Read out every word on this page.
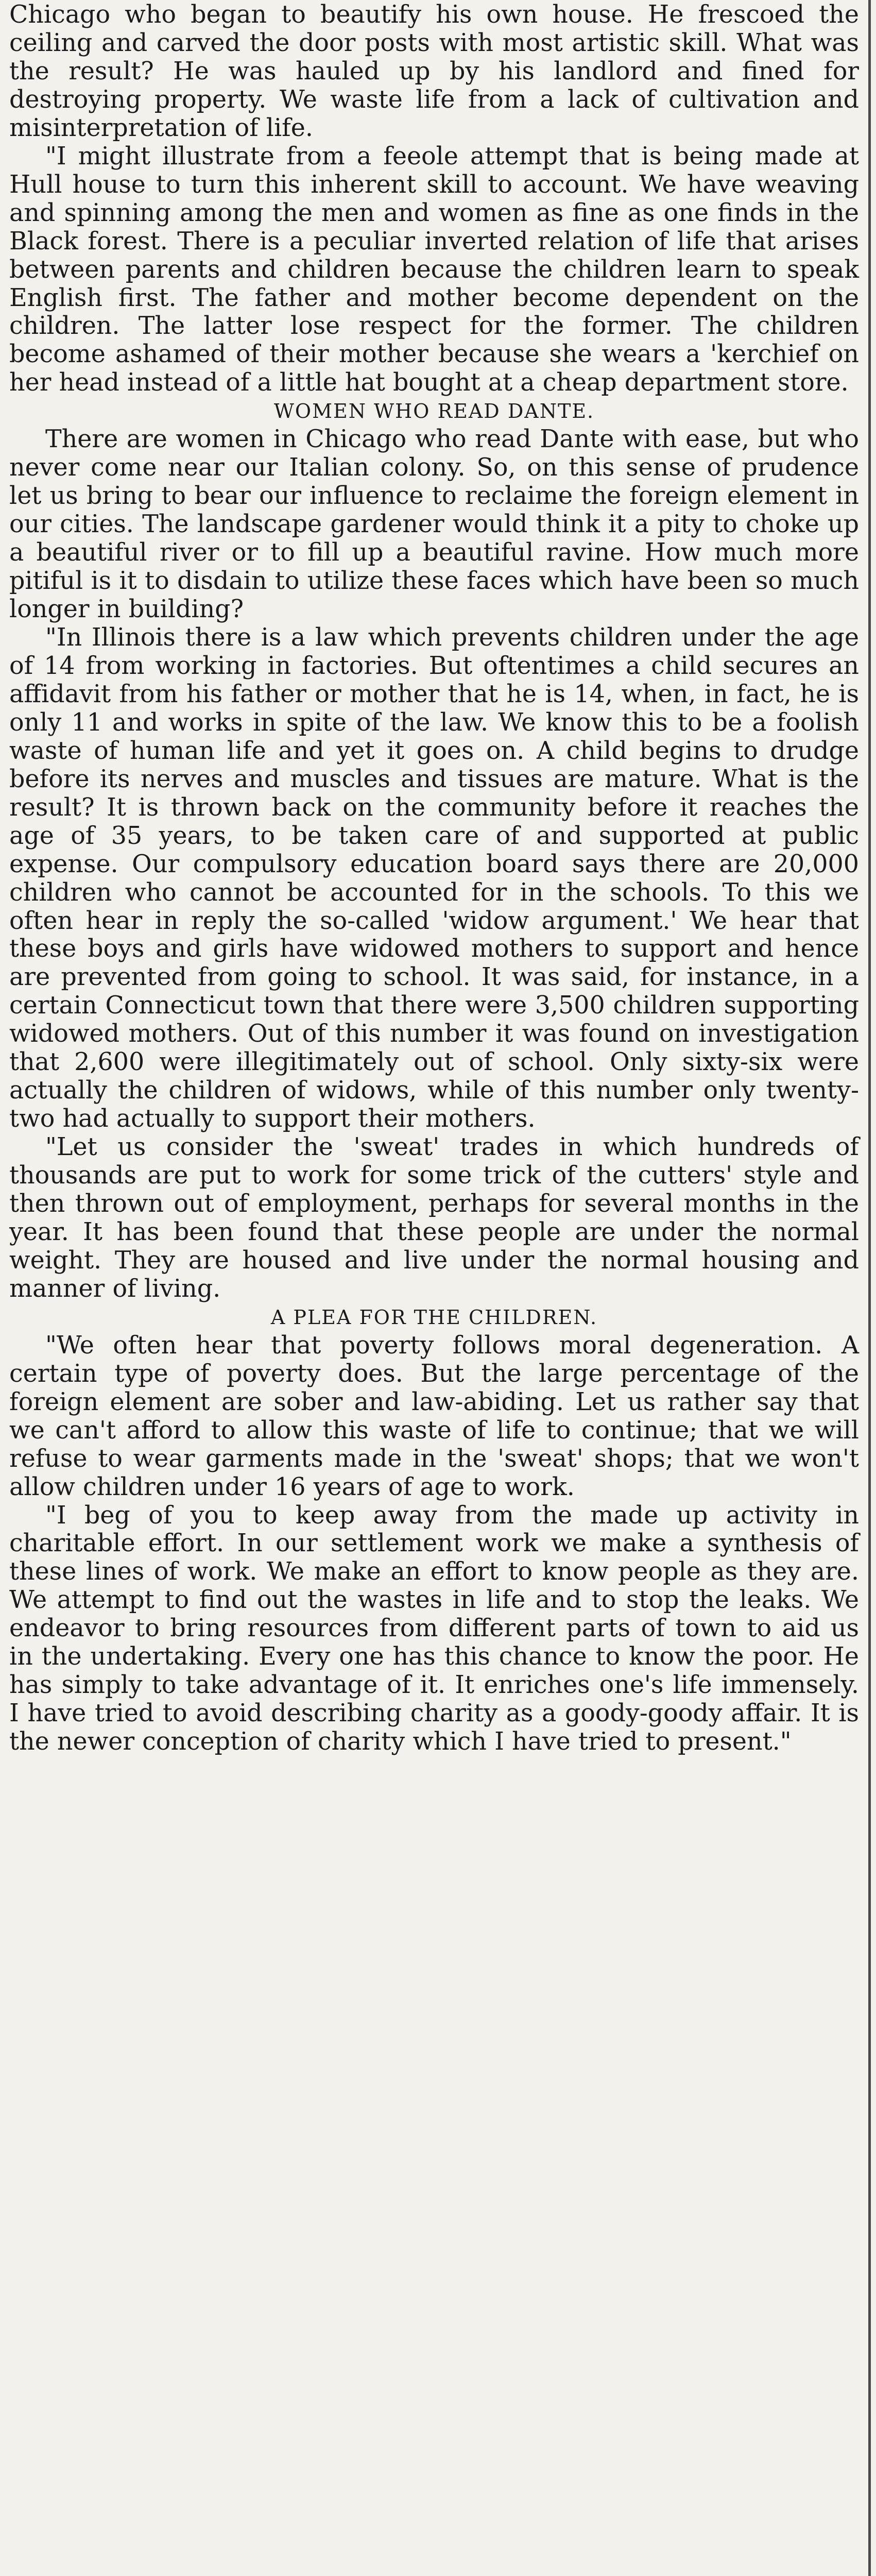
Chicago who began to beautify his own house. He frescoed the ceiling and carved the door posts with most artistic skill. What was the result? He was hauled up by his landlord and fined for destroying property. We waste life from a lack of cultivation and misinterpretation of life.

"I might illustrate from a feeole attempt that is being made at Hull house to turn this inherent skill to account. We have weaving and spinning among the men and women as fine as one finds in the Black forest. There is a peculiar inverted relation of life that arises between parents and children because the children learn to speak English first. The father and mother become dependent on the children. The latter lose respect for the former. The children become ashamed of their mother because she wears a 'kerchief on her head instead of a little hat bought at a cheap department store.

WOMEN WHO READ DANTE.

There are women in Chicago who read Dante with ease, but who never come near our Italian colony. So, on this sense of prudence let us bring to bear our influence to reclaime the foreign element in our cities. The landscape gardener would think it a pity to choke up a beautiful river or to fill up a beautiful ravine. How much more pitiful is it to disdain to utilize these faces which have been so much longer in building?

"In Illinois there is a law which prevents children under the age of 14 from working in factories. But oftentimes a child secures an affidavit from his father or mother that he is 14, when, in fact, he is only 11 and works in spite of the law. We know this to be a foolish waste of human life and yet it goes on. A child begins to drudge before its nerves and muscles and tissues are mature. What is the result? It is thrown back on the community before it reaches the age of 35 years, to be taken care of and supported at public expense. Our compulsory education board says there are 20,000 children who cannot be accounted for in the schools. To this we often hear in reply the so-called 'widow argument.' We hear that these boys and girls have widowed mothers to support and hence are prevented from going to school. It was said, for instance, in a certain Connecticut town that there were 3,500 children supporting widowed mothers. Out of this number it was found on investigation that 2,600 were illegitimately out of school. Only sixty-six were actually the children of widows, while of this number only twenty-two had actually to support their mothers.

"Let us consider the 'sweat' trades in which hundreds of thousands are put to work for some trick of the cutters' style and then thrown out of employment, perhaps for several months in the year. It has been found that these people are under the normal weight. They are housed and live under the normal housing and manner of living.

A PLEA FOR THE CHILDREN.

"We often hear that poverty follows moral degeneration. A certain type of poverty does. But the large percentage of the foreign element are sober and law-abiding. Let us rather say that we can't afford to allow this waste of life to continue; that we will refuse to wear garments made in the 'sweat' shops; that we won't allow children under 16 years of age to work.

"I beg of you to keep away from the made up activity in charitable effort. In our settlement work we make a synthesis of these lines of work. We make an effort to know people as they are. We attempt to find out the wastes in life and to stop the leaks. We endeavor to bring resources from different parts of town to aid us in the undertaking. Every one has this chance to know the poor. He has simply to take advantage of it. It enriches one's life immensely. I have tried to avoid describing charity as a goody-goody affair. It is the newer conception of charity which I have tried to present."
